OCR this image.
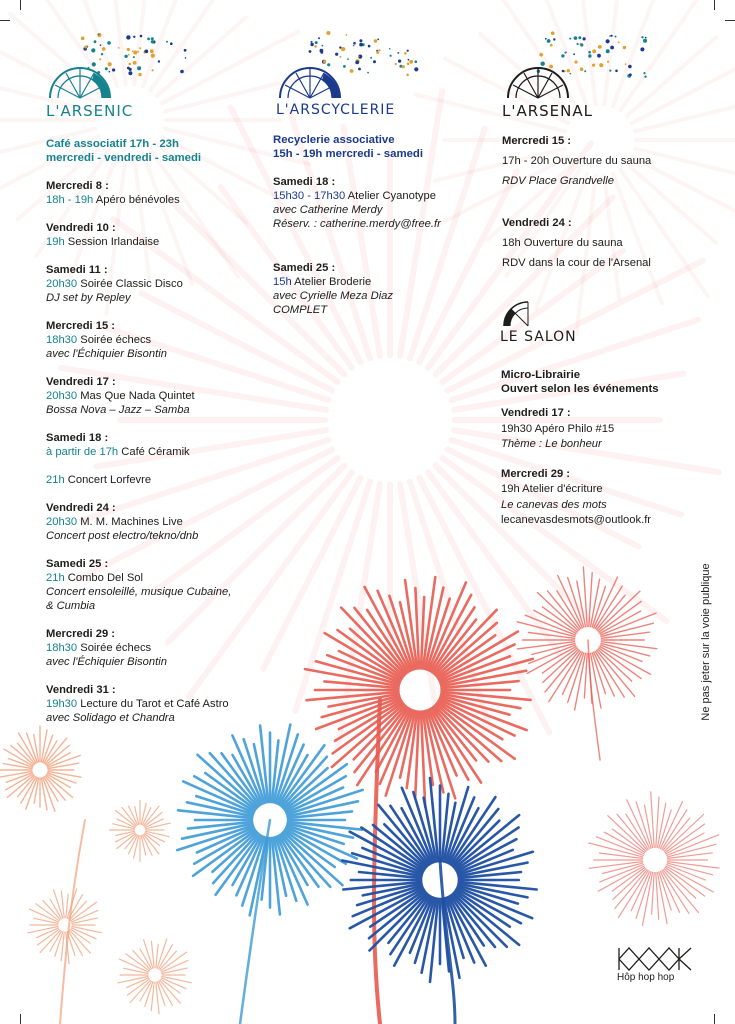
L'ARSENIC	L'ARSCYCLERIE	L'ARSENAL
Café associatif 17h - 23h
mercredi - vendredi - samedi
Mercredi 8 :
18h - 19h Apéro bénévoles
Vendredi 10 :
19h Session Irlandaise
Samedi 11 :
20h30 Soirée Classic Disco
DJ set by Repley
Mercredi 15 :
18h30 Soirée échecs
avec l'Échiquier Bisontin
Vendredi 17 :
20h30 Mas Que Nada Quintet
Bossa Nova – Jazz – Samba
Samedi 18 :
à partir de 17h Café Céramik
21h Concert Lorfevre
Vendredi 24 :
20h30 M. M. Machines Live
Concert post electro/tekno/dnb
Samedi 25 :
21h Combo Del Sol
Concert ensoleillé, musique Cubaine,
& Cumbia
Mercredi 29 :
18h30 Soirée échecs
avec l'Échiquier Bisontin
Vendredi 31 :
19h30 Lecture du Tarot et Café Astro
avec Solidago et Chandra
Recyclerie associative
15h - 19h mercredi - samedi
Samedi 18 :
15h30 - 17h30 Atelier Cyanotype
avec Catherine Merdy
Réserv. : catherine.merdy@free.fr
Samedi 25 :
15h Atelier Broderie
avec Cyrielle Meza Diaz
COMPLET
Mercredi 15 :
17h - 20h Ouverture du sauna
RDV Place Grandvelle
Vendredi 24 :
18h Ouverture du sauna
RDV dans la cour de l'Arsenal
LE SALON
Micro-Librairie
Ouvert selon les événements
Vendredi 17 :
19h30 Apéro Philo #15
Thème : Le bonheur
Mercredi 29 :
19h Atelier d'écriture
Le canevas des mots
lecanevasdesmots@outlook.fr
Ne pas jeter sur la voie publique
Hôp hop hop
